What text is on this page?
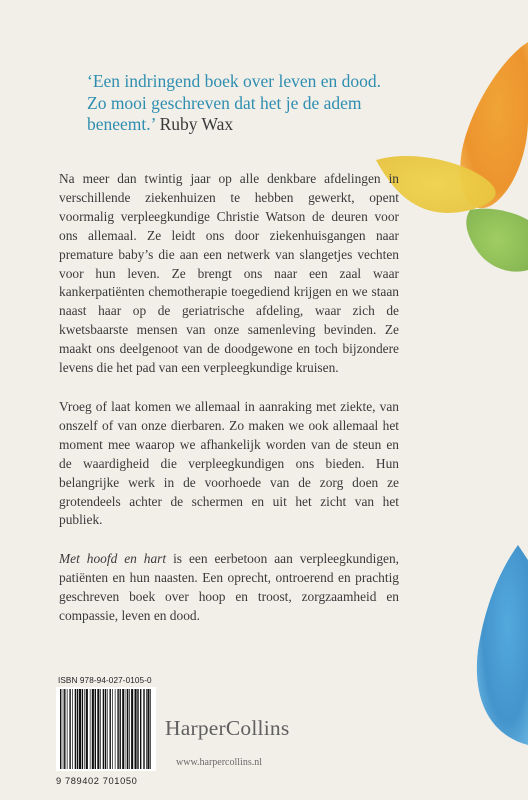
‘Een indringend boek over leven en dood. Zo mooi geschreven dat het je de adem beneemt.’ Ruby Wax

Na meer dan twintig jaar op alle denkbare afdelingen in verschillende ziekenhuizen te hebben gewerkt, opent voormalig verpleegkundige Christie Watson de deuren voor ons allemaal. Ze leidt ons door ziekenhuisgangen naar premature baby’s die aan een netwerk van slangetjes vechten voor hun leven. Ze brengt ons naar een zaal waar kankerpatiënten chemotherapie toegediend krijgen en we staan naast haar op de geriatrische afdeling, waar zich de kwetsbaarste mensen van onze samenleving bevinden. Ze maakt ons deelgenoot van de doodgewone en toch bijzondere levens die het pad van een verpleegkundige kruisen.

Vroeg of laat komen we allemaal in aanraking met ziekte, van onszelf of van onze dierbaren. Zo maken we ook allemaal het moment mee waarop we afhankelijk worden van de steun en de waardigheid die verpleegkundigen ons bieden. Hun belangrijke werk in de voorhoede van de zorg doen ze grotendeels achter de schermen en uit het zicht van het publiek.

Met hoofd en hart is een eerbetoon aan verpleegkundigen, patiënten en hun naasten. Een oprecht, ontroerend en prachtig geschreven boek over hoop en troost, zorgzaamheid en compassie, leven en dood.

ISBN 978-94-027-0105-0
9 789402 701050
HarperCollins
www.harpercollins.nl
